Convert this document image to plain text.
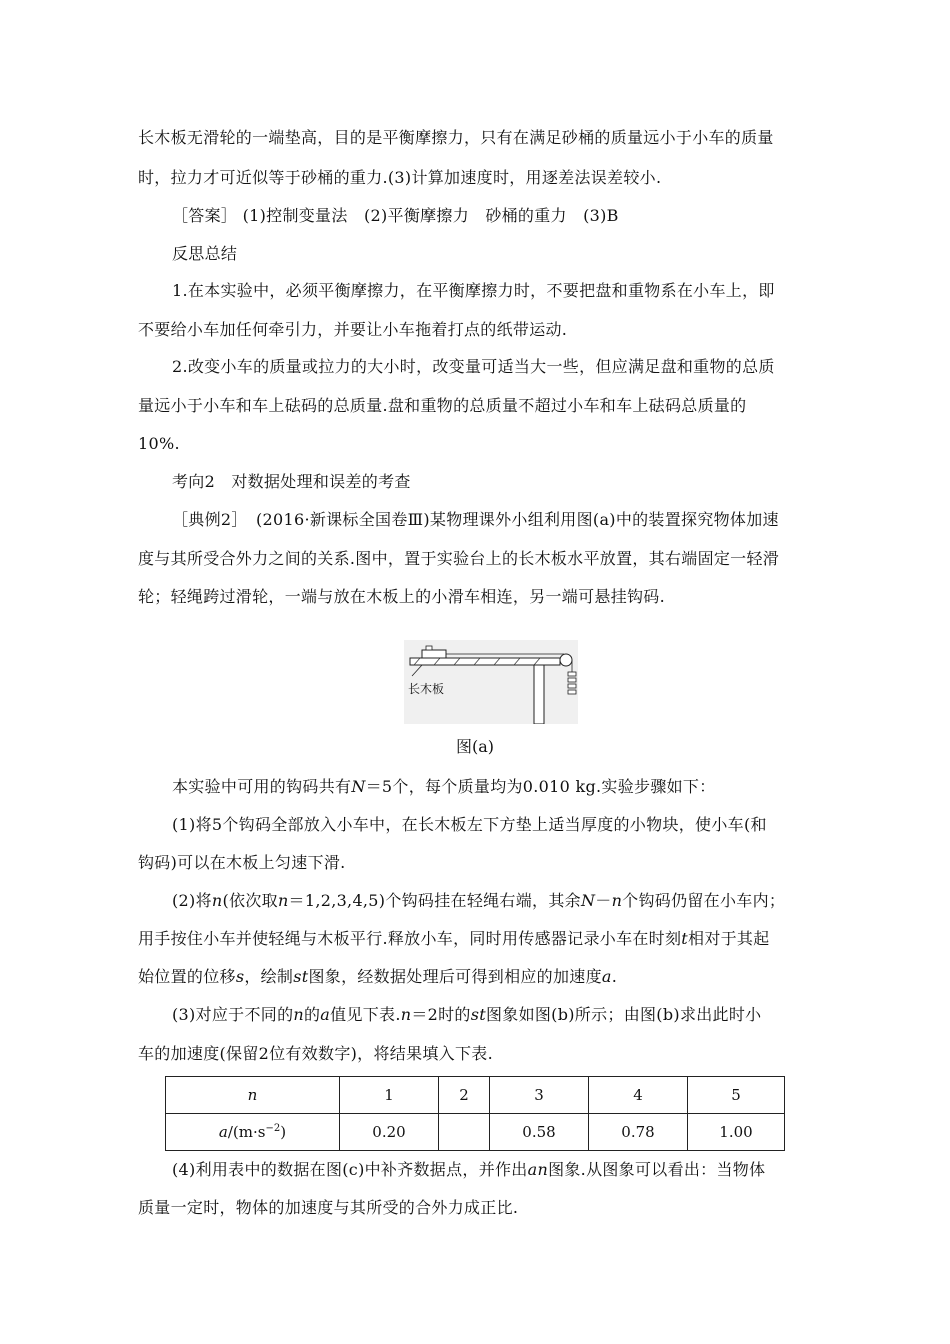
长木板无滑轮的一端垫高，目的是平衡摩擦力，只有在满足砂桶的质量远小于小车的质量
时，拉力才可近似等于砂桶的重力.(3)计算加速度时，用逐差法误差较小.
［答案］ (1)控制变量法　(2)平衡摩擦力　砂桶的重力　(3)B
反思总结
1.在本实验中，必须平衡摩擦力，在平衡摩擦力时，不要把盘和重物系在小车上，即
不要给小车加任何牵引力，并要让小车拖着打点的纸带运动.
2.改变小车的质量或拉力的大小时，改变量可适当大一些，但应满足盘和重物的总质
量远小于小车和车上砝码的总质量.盘和重物的总质量不超过小车和车上砝码总质量的
10%.
考向2　对数据处理和误差的考查
［典例2］　(2016·新课标全国卷Ⅲ)某物理课外小组利用图(a)中的装置探究物体加速
度与其所受合外力之间的关系.图中，置于实验台上的长木板水平放置，其右端固定一轻滑
轮；轻绳跨过滑轮，一端与放在木板上的小滑车相连，另一端可悬挂钩码.
长木板
图(a)
本实验中可用的钩码共有N＝5个，每个质量均为0.010 kg.实验步骤如下：
(1)将5个钩码全部放入小车中，在长木板左下方垫上适当厚度的小物块，使小车(和
钩码)可以在木板上匀速下滑.
(2)将n(依次取n＝1,2,3,4,5)个钩码挂在轻绳右端，其余N－n个钩码仍留在小车内；
用手按住小车并使轻绳与木板平行.释放小车，同时用传感器记录小车在时刻t相对于其起
始位置的位移s，绘制st图象，经数据处理后可得到相应的加速度a.
(3)对应于不同的n的a值见下表.n＝2时的st图象如图(b)所示；由图(b)求出此时小
车的加速度(保留2位有效数字)，将结果填入下表.
n	1	2	3	4	5
$a/(m\cdot s^{-2})$	0.20		0.58	0.78	1.00
(4)利用表中的数据在图(c)中补齐数据点，并作出an图象.从图象可以看出：当物体
质量一定时，物体的加速度与其所受的合外力成正比.
